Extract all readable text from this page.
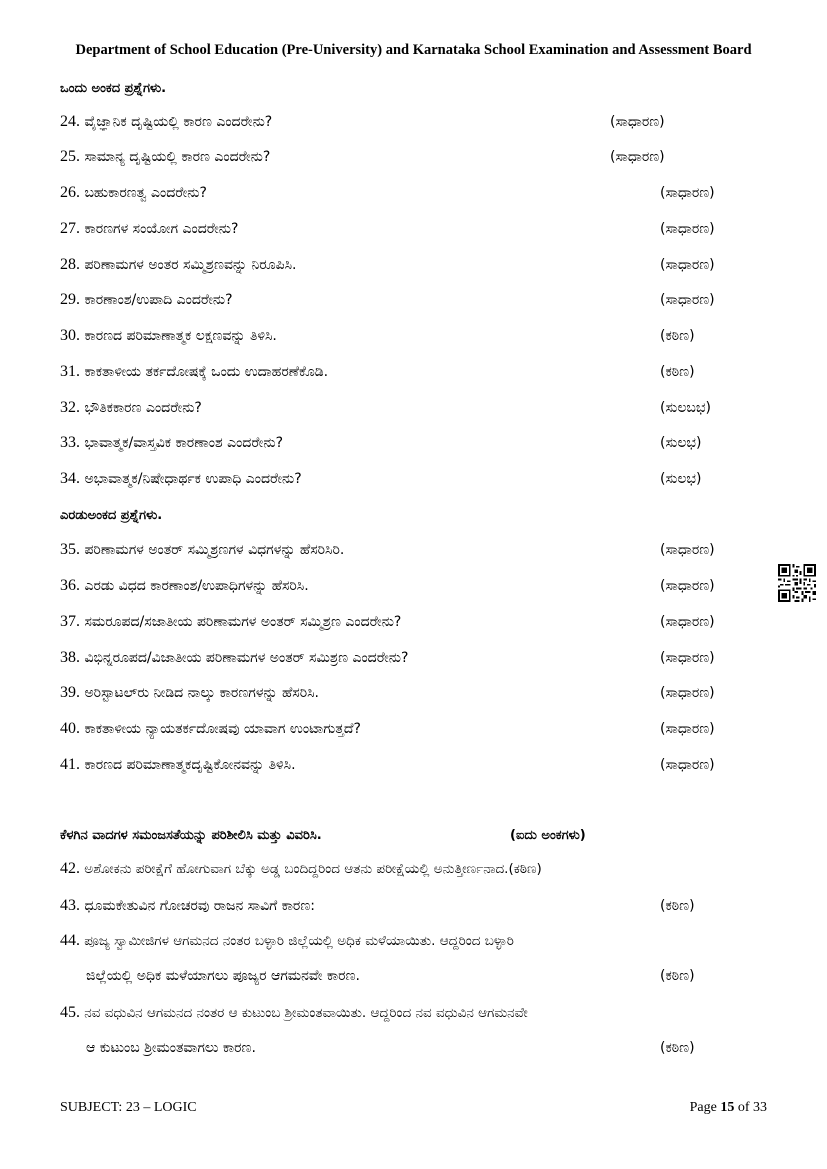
Department of School Education (Pre-University) and Karnataka School Examination and Assessment Board
ಒಂದು ಅಂಕದ ಪ್ರಶ್ನೆಗಳು.
24. ವೈಜ್ಞಾನಿಕ ದೃಷ್ಟಿಯಲ್ಲಿ ಕಾರಣ ಎಂದರೇನು?	(ಸಾಧಾರಣ)
25. ಸಾಮಾನ್ಯ ದೃಷ್ಟಿಯಲ್ಲಿ ಕಾರಣ ಎಂದರೇನು?	(ಸಾಧಾರಣ)
26. ಬಹುಕಾರಣತ್ವ ಎಂದರೇನು?	(ಸಾಧಾರಣ)
27. ಕಾರಣಗಳ ಸಂಯೋಗ ಎಂದರೇನು?	(ಸಾಧಾರಣ)
28. ಪರಿಣಾಮಗಳ ಅಂತರ ಸಮ್ಮಿಶ್ರಣವನ್ನು ನಿರೂಪಿಸಿ.	(ಸಾಧಾರಣ)
29. ಕಾರಣಾಂಶ/ಉಪಾದಿ ಎಂದರೇನು?	(ಸಾಧಾರಣ)
30. ಕಾರಣದ ಪರಿಮಾಣಾತ್ಮಕ ಲಕ್ಷಣವನ್ನು ತಿಳಿಸಿ.	(ಕಠಿಣ)
31. ಕಾಕತಾಳೀಯ ತರ್ಕದೋಷಕ್ಕೆ ಒಂದು ಉದಾಹರಣೆಕೊಡಿ.	(ಕಠಿಣ)
32. ಭೌತಿಕಕಾರಣ ಎಂದರೇನು?	(ಸುಲಬಭ)
33. ಭಾವಾತ್ಮಕ/ವಾಸ್ತವಿಕ ಕಾರಣಾಂಶ ಎಂದರೇನು?	(ಸುಲಭ)
34. ಅಭಾವಾತ್ಮಕ/ನಿಷೇಧಾರ್ಥಕ ಉಪಾಧಿ ಎಂದರೇನು?	(ಸುಲಭ)
ಎರಡುಅಂಕದ ಪ್ರಶ್ನೆಗಳು.
35. ಪರಿಣಾಮಗಳ ಅಂತರ್ ಸಮ್ಮಿಶ್ರಣಗಳ ವಿಧಗಳನ್ನು ಹೆಸರಿಸಿರಿ.	(ಸಾಧಾರಣ)
36. ಎರಡು ವಿಧದ ಕಾರಣಾಂಶ/ಉಪಾಧಿಗಳನ್ನು ಹೆಸರಿಸಿ.	(ಸಾಧಾರಣ)
37. ಸಮರೂಪದ/ಸಜಾತೀಯ ಪರಿಣಾಮಗಳ ಅಂತರ್ ಸಮ್ಮಿಶ್ರಣ ಎಂದರೇನು?	(ಸಾಧಾರಣ)
38. ವಿಭಿನ್ನರೂಪದ/ವಿಜಾತೀಯ ಪರಿಣಾಮಗಳ ಅಂತರ್ ಸಮಿಶ್ರಣ ಎಂದರೇನು?	(ಸಾಧಾರಣ)
39. ಅರಿಸ್ಟಾಟಲ್‌ರು ನೀಡಿದ ನಾಲ್ಕು ಕಾರಣಗಳನ್ನು ಹೆಸರಿಸಿ.	(ಸಾಧಾರಣ)
40. ಕಾಕತಾಳೀಯ ನ್ಯಾಯತರ್ಕದೋಷವು ಯಾವಾಗ ಉಂಟಾಗುತ್ತದೆ?	(ಸಾಧಾರಣ)
41. ಕಾರಣದ ಪರಿಮಾಣಾತ್ಮಕದೃಷ್ಟಿಕೋನವನ್ನು ತಿಳಿಸಿ.	(ಸಾಧಾರಣ)
ಕೆಳಗಿನ ವಾದಗಳ ಸಮಂಜಸತೆಯನ್ನು ಪರಿಶೀಲಿಸಿ ಮತ್ತು ವಿವರಿಸಿ.	(ಐದು ಅಂಕಗಳು)
42. ಅಶೋಕನು ಪರೀಕ್ಷೆಗೆ ಹೋಗುವಾಗ ಬೆಕ್ಕು ಅಡ್ಡ ಬಂದಿದ್ದರಿಂದ ಆತನು ಪರೀಕ್ಷೆಯಲ್ಲಿ ಅನುತ್ತೀರ್ಣನಾದ.(ಕಠಿಣ)
43. ಧೂಮಕೇತುವಿನ ಗೋಚರವು ರಾಜನ ಸಾವಿಗೆ ಕಾರಣ:	(ಕಠಿಣ)
44. ಪೂಜ್ಯ ಸ್ವಾಮೀಜಿಗಳ ಆಗಮನದ ನಂತರ ಬಳ್ಳಾರಿ ಜಿಲ್ಲೆಯಲ್ಲಿ ಅಧಿಕ ಮಳೆಯಾಯಿತು. ಆದ್ದರಿಂದ ಬಳ್ಳಾರಿ
ಜಿಲ್ಲೆಯಲ್ಲಿ ಅಧಿಕ ಮಳೆಯಾಗಲು ಪೂಜ್ಯರ ಆಗಮನವೇ ಕಾರಣ.	(ಕಠಿಣ)
45. ನವ ವಧುವಿನ ಆಗಮನದ ನಂತರ ಆ ಕುಟುಂಬ ಶ್ರೀಮಂತವಾಯಿತು. ಆದ್ದರಿಂದ ನವ ವಧುವಿನ ಆಗಮನವೇ
ಆ ಕುಟುಂಬ ಶ್ರೀಮಂತವಾಗಲು ಕಾರಣ.	(ಕಠಿಣ)
SUBJECT: 23 – LOGIC	Page 15 of 33
